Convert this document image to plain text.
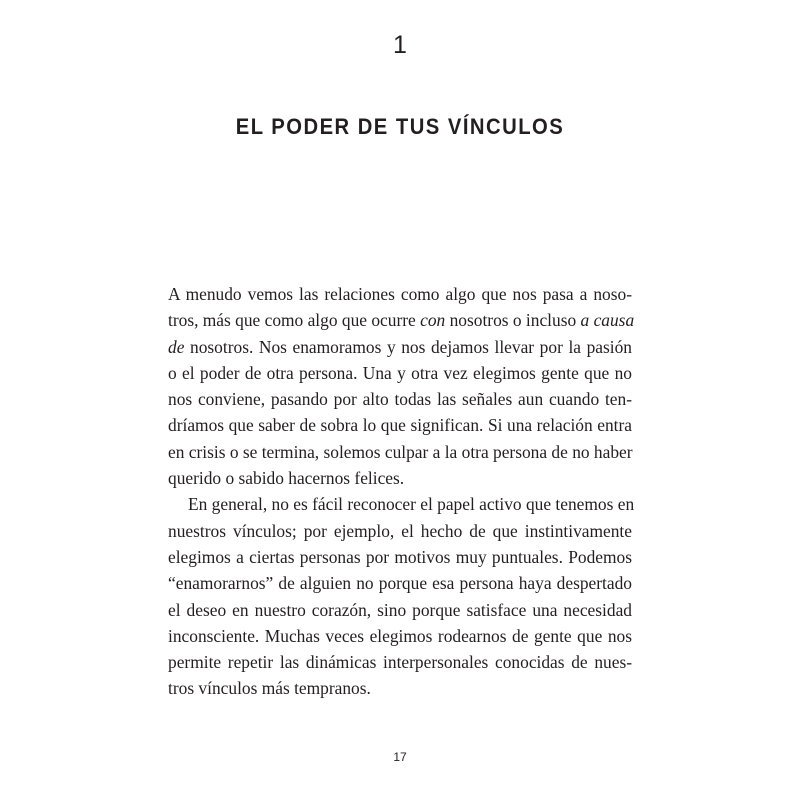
1
EL PODER DE TUS VÍNCULOS
A menudo vemos las relaciones como algo que nos pasa a noso-
tros, más que como algo que ocurre con nosotros o incluso a causa
de nosotros. Nos enamoramos y nos dejamos llevar por la pasión
o el poder de otra persona. Una y otra vez elegimos gente que no
nos conviene, pasando por alto todas las señales aun cuando ten-
dríamos que saber de sobra lo que significan. Si una relación entra
en crisis o se termina, solemos culpar a la otra persona de no haber
querido o sabido hacernos felices.
En general, no es fácil reconocer el papel activo que tenemos en
nuestros vínculos; por ejemplo, el hecho de que instintivamente
elegimos a ciertas personas por motivos muy puntuales. Podemos
“enamorarnos” de alguien no porque esa persona haya despertado
el deseo en nuestro corazón, sino porque satisface una necesidad
inconsciente. Muchas veces elegimos rodearnos de gente que nos
permite repetir las dinámicas interpersonales conocidas de nues-
tros vínculos más tempranos.
17
